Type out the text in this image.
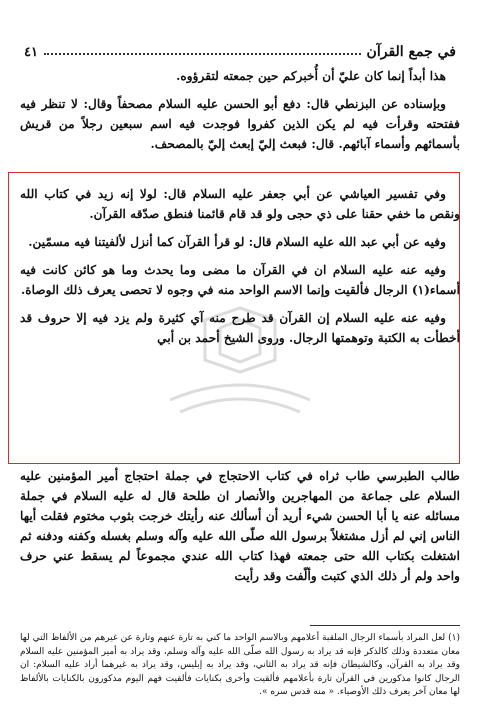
في جمع القرآن
٤١

هذا أبداً إنما كان عليّ أن أُخبركم حين جمعته لتقرؤوه.

وبإسناده عن البزنطي قال: دفع أبو الحسن عليه السلام مصحفاً وقال: لا تنظر فيه ففتحته وقرأت فيه لم يكن الذين كفروا فوجدت فيه اسم سبعين رجلاً من قريش بأسمائهم وأسماء آبائهم. قال: فبعث إليّ إبعث إليّ بالمصحف.

وفي تفسير العياشي عن أبي جعفر عليه السلام قال: لولا إنه زيد في كتاب الله ونقص ما خفي حقنا على ذي حجى ولو قد قام قائمنا فنطق صدّقه القرآن.

وفيه عن أبي عبد الله عليه السلام قال: لو قرأ القرآن كما أنزل لألفيتنا فيه مسمّين.

وفيه عنه عليه السلام ان في القرآن ما مضى وما يحدث وما هو كائن كانت فيه أسماء(١) الرجال فألقيت وإنما الاسم الواحد منه في وجوه لا تحصى يعرف ذلك الوصاة.

وفيه عنه عليه السلام إن القرآن قد طرح منه آي كثيرة ولم يزد فيه إلا حروف قد أخطأت به الكتبة وتوهمتها الرجال. وروى الشيخ أحمد بن أبي

طالب الطبرسي طاب ثراه في كتاب الاحتجاج في جملة احتجاج أمير المؤمنين عليه السلام على جماعة من المهاجرين والأنصار ان طلحة قال له عليه السلام في جملة مسائله عنه يا أبا الحسن شيء أريد أن أسألك عنه رأيتك خرجت بثوب مختوم فقلت أيها الناس إني لم أزل مشتغلاً برسول الله صلّى الله عليه وآله وسلم بغسله وكفنه ودفنه ثم اشتغلت بكتاب الله حتى جمعته فهذا كتاب الله عندي مجموعاً لم يسقط عني حرف واحد ولم أر ذلك الذي كتبت وألّفت وقد رأيت

(١) لعل المراد بأسماء الرجال الملقبة أعلامهم وبالاسم الواحد ما كني به تارة عنهم وتارة عن غيرهم من الألفاظ التي لها معان متعددة وذلك كالذكر فإنه قد يراد به رسول الله صلّى الله عليه وآله وسلم، وقد يراد به أمير المؤمنين عليه السلام وقد يراد به القرآن، وكالشيطان فإنه قد يراد به الثاني، وقد يراد به إبليس، وقد يراد به غيرهما أراد عليه السلام: ان الرجال كانوا مذكورين في القرآن تارة بأعلامهم فألقيت وأخرى بكنايات فألقيت فهم اليوم مذكورون بالكنايات بالألفاظ لها معان آخر يعرف ذلك الأوصياء. « منه قدس سره ».
